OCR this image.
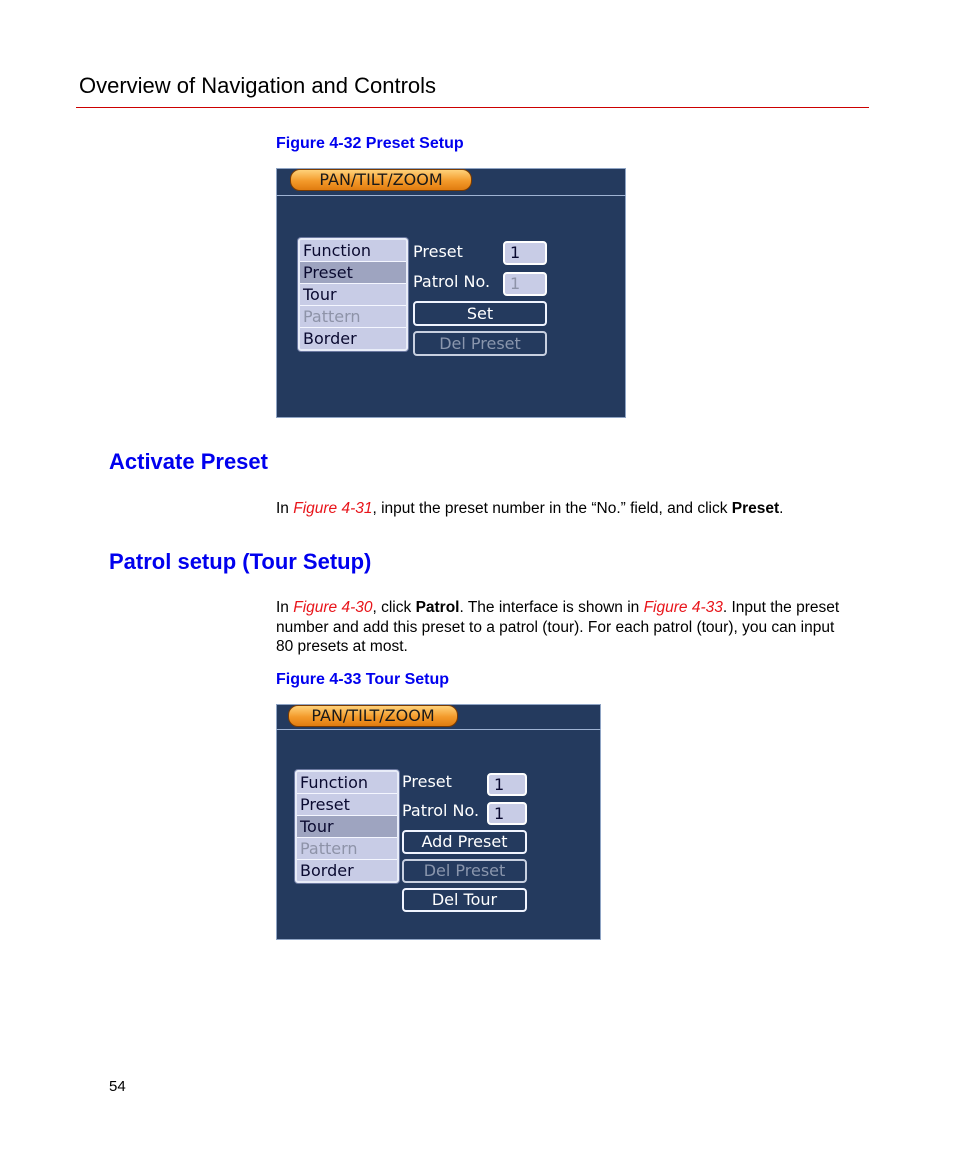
Overview of Navigation and Controls
Figure 4-32 Preset Setup
PAN/TILT/ZOOM
Function
Preset
Tour
Pattern
Border
Preset	1
Patrol No.	1
Set
Del Preset
Activate Preset
In Figure 4-31, input the preset number in the “No.” field, and click Preset.
Patrol setup (Tour Setup)
In Figure 4-30, click Patrol. The interface is shown in Figure 4-33. Input the preset number and add this preset to a patrol (tour). For each patrol (tour), you can input 80 presets at most.
Figure 4-33 Tour Setup
PAN/TILT/ZOOM
Function
Preset
Tour
Pattern
Border
Preset	1
Patrol No. 1
Add Preset
Del Preset
Del Tour
54
